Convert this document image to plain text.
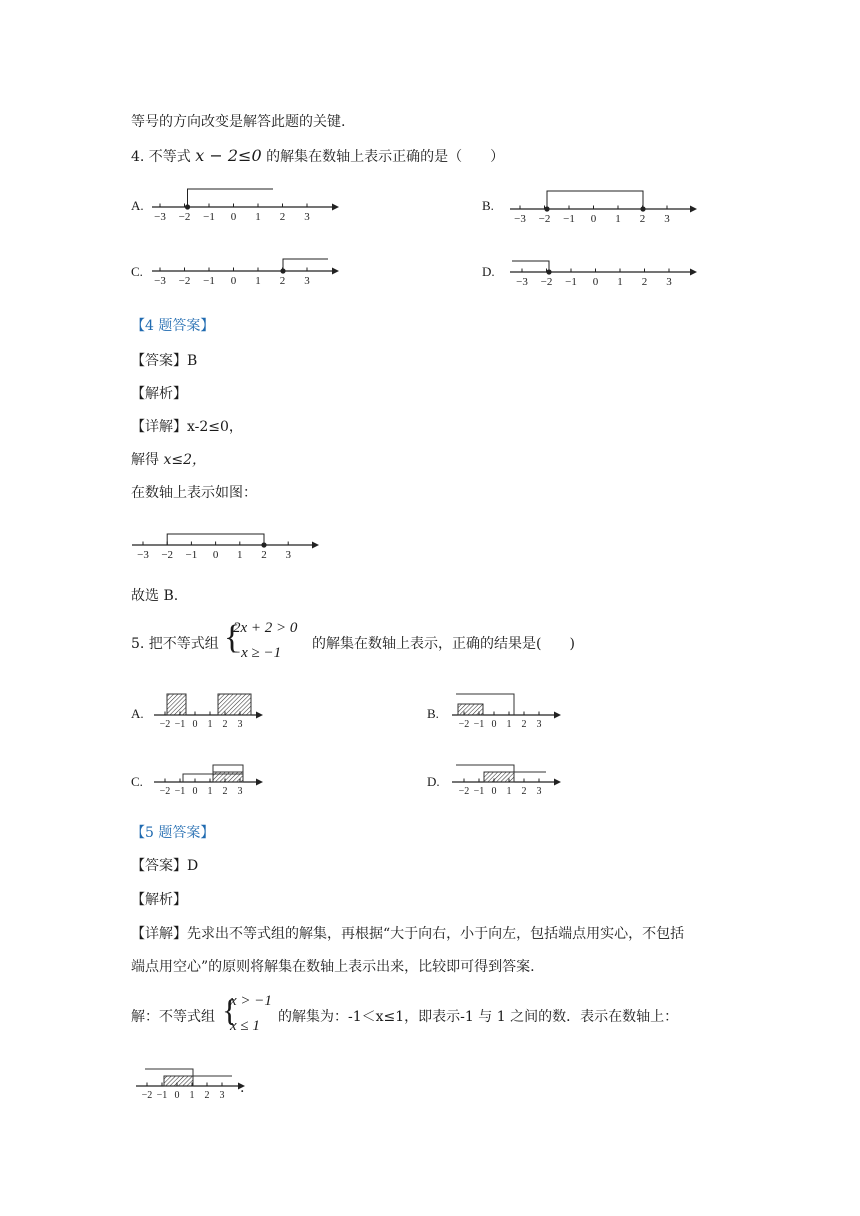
等号的方向改变是解答此题的关键.
4. 不等式 x − 2≤0 的解集在数轴上表示正确的是（　　）
A.	B.
C.	D.
−3 −2 −1 0 1 2 3	−3 −2 −1 0 1 2 3
−3 −2 −1 0 1 2 3	−3 −2 −1 0 1 2 3
【4 题答案】
【答案】B
【解析】
【详解】x-2≤0，
解得 x≤2，
在数轴上表示如图：
−3 −2 −1 0 1 2 3
故选 B.
5. 把不等式组 {
2x + 2 > 0
−x ≥ −1
的解集在数轴上表示，正确的结果是(　　)
A.	B.
C.	D.
−2 −1 0 1 2 3	−2 −1 0 1 2 3
−2 −1 0 1 2 3	−2 −1 0 1 2 3
【5 题答案】
【答案】D
【解析】
【详解】先求出不等式组的解集，再根据“大于向右，小于向左，包括端点用实心，不包括
端点用空心”的原则将解集在数轴上表示出来，比较即可得到答案.
解：不等式组 {
x > −1
x ≤ 1
的解集为：-1＜x≤1，即表示-1 与 1 之间的数．表示在数轴上：
−2 −1 0 1 2 3 .
